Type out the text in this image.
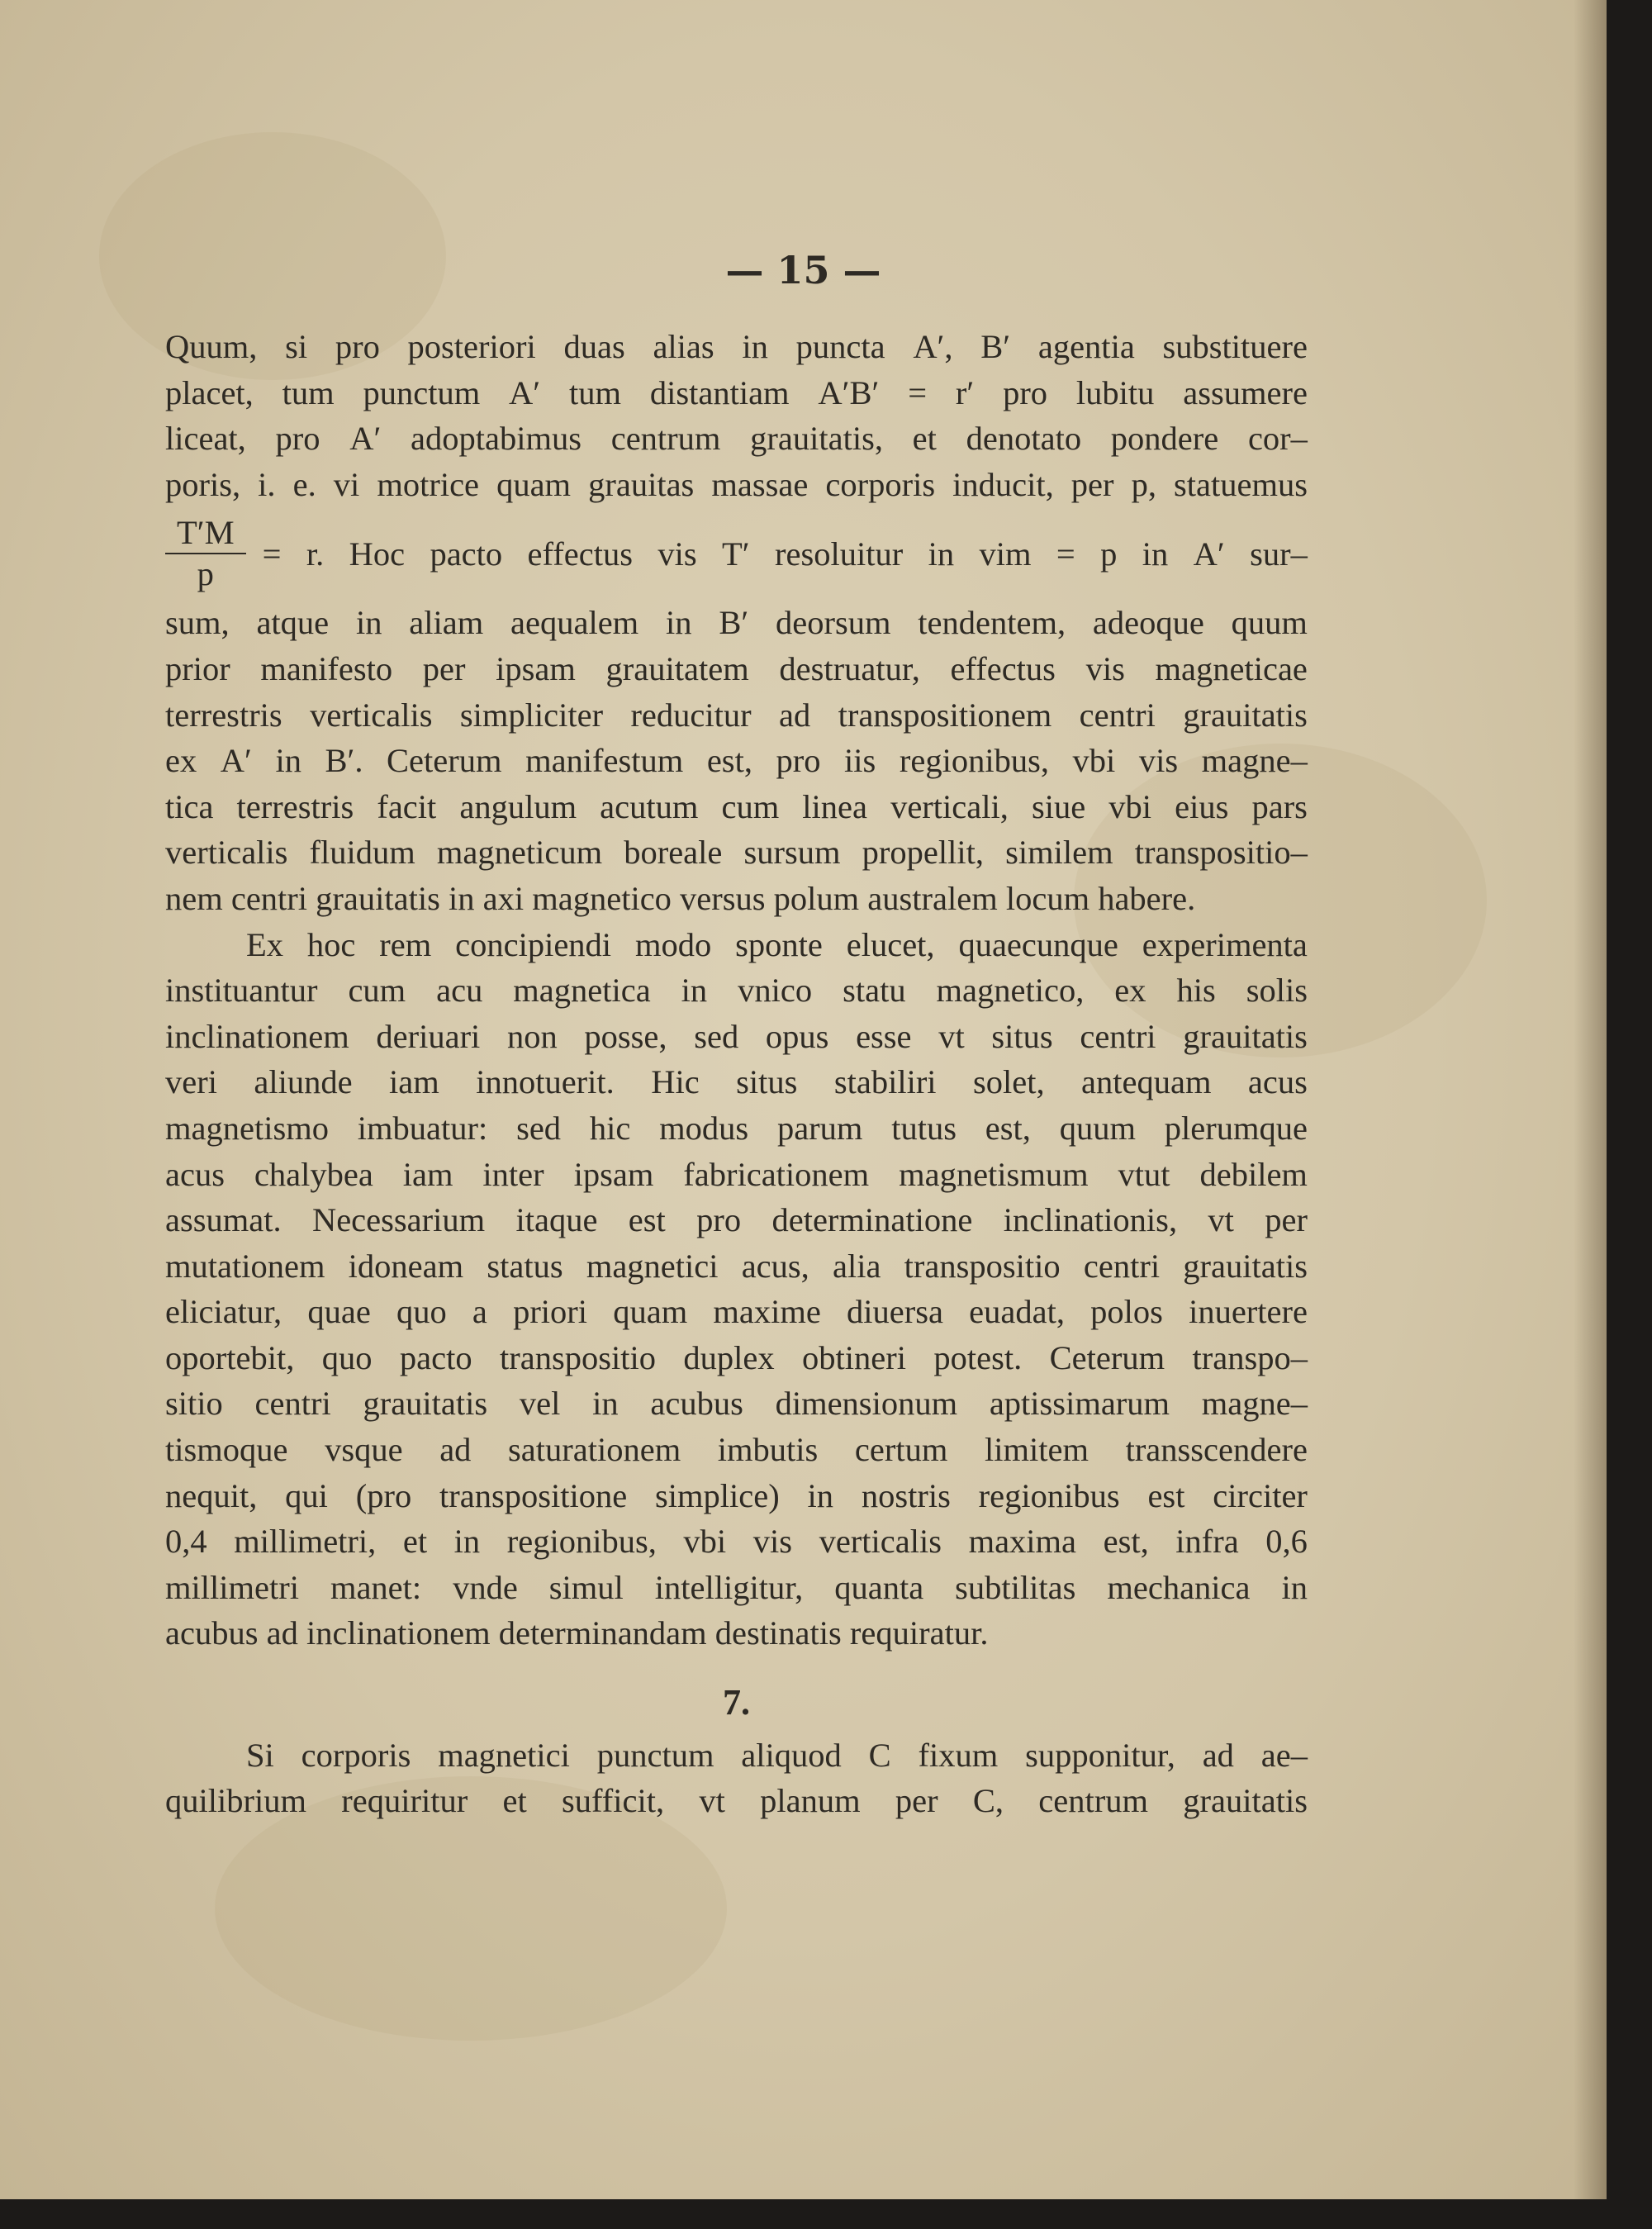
— 15 —
Quum, si pro posteriori duas alias in puncta A′, B′ agentia substituere
placet, tum punctum A′ tum distantiam A′B′ = r′ pro lubitu assumere
liceat, pro A′ adoptabimus centrum grauitatis, et denotato pondere cor–
poris, i. e. vi motrice quam grauitas massae corporis inducit, per p, statuemus
$\frac{T'M}{p} = r$. Hoc pacto effectus vis T′ resoluitur in vim = p in A′ sur–
sum, atque in aliam aequalem in B′ deorsum tendentem, adeoque quum
prior manifesto per ipsam grauitatem destruatur, effectus vis magneticae
terrestris verticalis simpliciter reducitur ad transpositionem centri grauitatis
ex A′ in B′. Ceterum manifestum est, pro iis regionibus, vbi vis magne–
tica terrestris facit angulum acutum cum linea verticali, siue vbi eius pars
verticalis fluidum magneticum boreale sursum propellit, similem transpositio–
nem centri grauitatis in axi magnetico versus polum australem locum habere.
Ex hoc rem concipiendi modo sponte elucet, quaecunque experimenta
instituantur cum acu magnetica in vnico statu magnetico, ex his solis
inclinationem deriuari non posse, sed opus esse vt situs centri grauitatis
veri aliunde iam innotuerit. Hic situs stabiliri solet, antequam acus
magnetismo imbuatur: sed hic modus parum tutus est, quum plerumque
acus chalybea iam inter ipsam fabricationem magnetismum vtut debilem
assumat. Necessarium itaque est pro determinatione inclinationis, vt per
mutationem idoneam status magnetici acus, alia transpositio centri grauitatis
eliciatur, quae quo a priori quam maxime diuersa euadat, polos inuertere
oportebit, quo pacto transpositio duplex obtineri potest. Ceterum transpo–
sitio centri grauitatis vel in acubus dimensionum aptissimarum magne–
tismoque vsque ad saturationem imbutis certum limitem transscendere
nequit, qui (pro transpositione simplice) in nostris regionibus est circiter
0,4 millimetri, et in regionibus, vbi vis verticalis maxima est, infra 0,6
millimetri manet: vnde simul intelligitur, quanta subtilitas mechanica in
acubus ad inclinationem determinandam destinatis requiratur.
7.
Si corporis magnetici punctum aliquod C fixum supponitur, ad ae–
quilibrium requiritur et sufficit, vt planum per C, centrum grauitatis
